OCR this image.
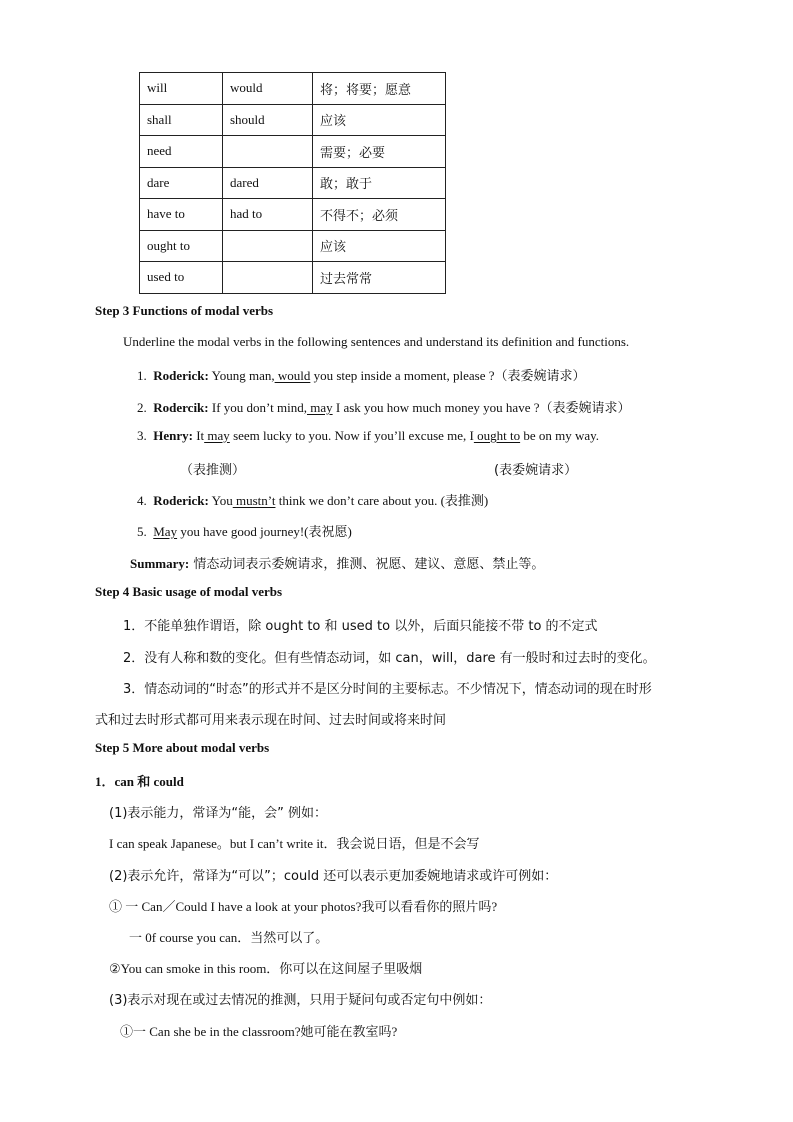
will	would	将；将要；愿意
shall	should	应该
need		需要；必要
dare	dared	敢；敢于
have to	had to	不得不；必须
ought to		应该
used to		过去常常
Step 3 Functions of modal verbs
Underline the modal verbs in the following sentences and understand its definition and functions.
1. Roderick: Young man, would you step inside a moment, please ?（表委婉请求）
2. Rodercik: If you don’t mind, may I ask you how much money you have ?（表委婉请求）
3. Henry: It may seem lucky to you. Now if you’ll excuse me, I ought to be on my way.
（表推测）	(表委婉请求）
4. Roderick: You mustn’t think we don’t care about you. (表推测)
5. May you have good journey!(表祝愿)
Summary: 情态动词表示委婉请求，推测、祝愿、建议、意愿、禁止等。
Step 4 Basic usage of modal verbs
1．不能单独作谓语，除 ought to 和 used to 以外，后面只能接不带 to 的不定式
2．没有人称和数的变化。但有些情态动词，如 can，will，dare 有一般时和过去时的变化。
3．情态动词的“时态”的形式并不是区分时间的主要标志。不少情况下，情态动词的现在时形
式和过去时形式都可用来表示现在时间、过去时间或将来时间
Step 5 More about modal verbs
1．can 和 could
(1)表示能力，常译为“能，会” 例如：
I can speak Japanese。but I can’t write it．我会说日语，但是不会写
(2)表示允许，常译为“可以”；could 还可以表示更加委婉地请求或许可例如：
① 一 Can／Could I have a look at your photos?我可以看看你的照片吗?
一 0f course you can．当然可以了。
②You can smoke in this room．你可以在这间屋子里吸烟
(3)表示对现在或过去情况的推测，只用于疑问句或否定句中例如：
①一 Can she be in the classroom?她可能在教室吗?
